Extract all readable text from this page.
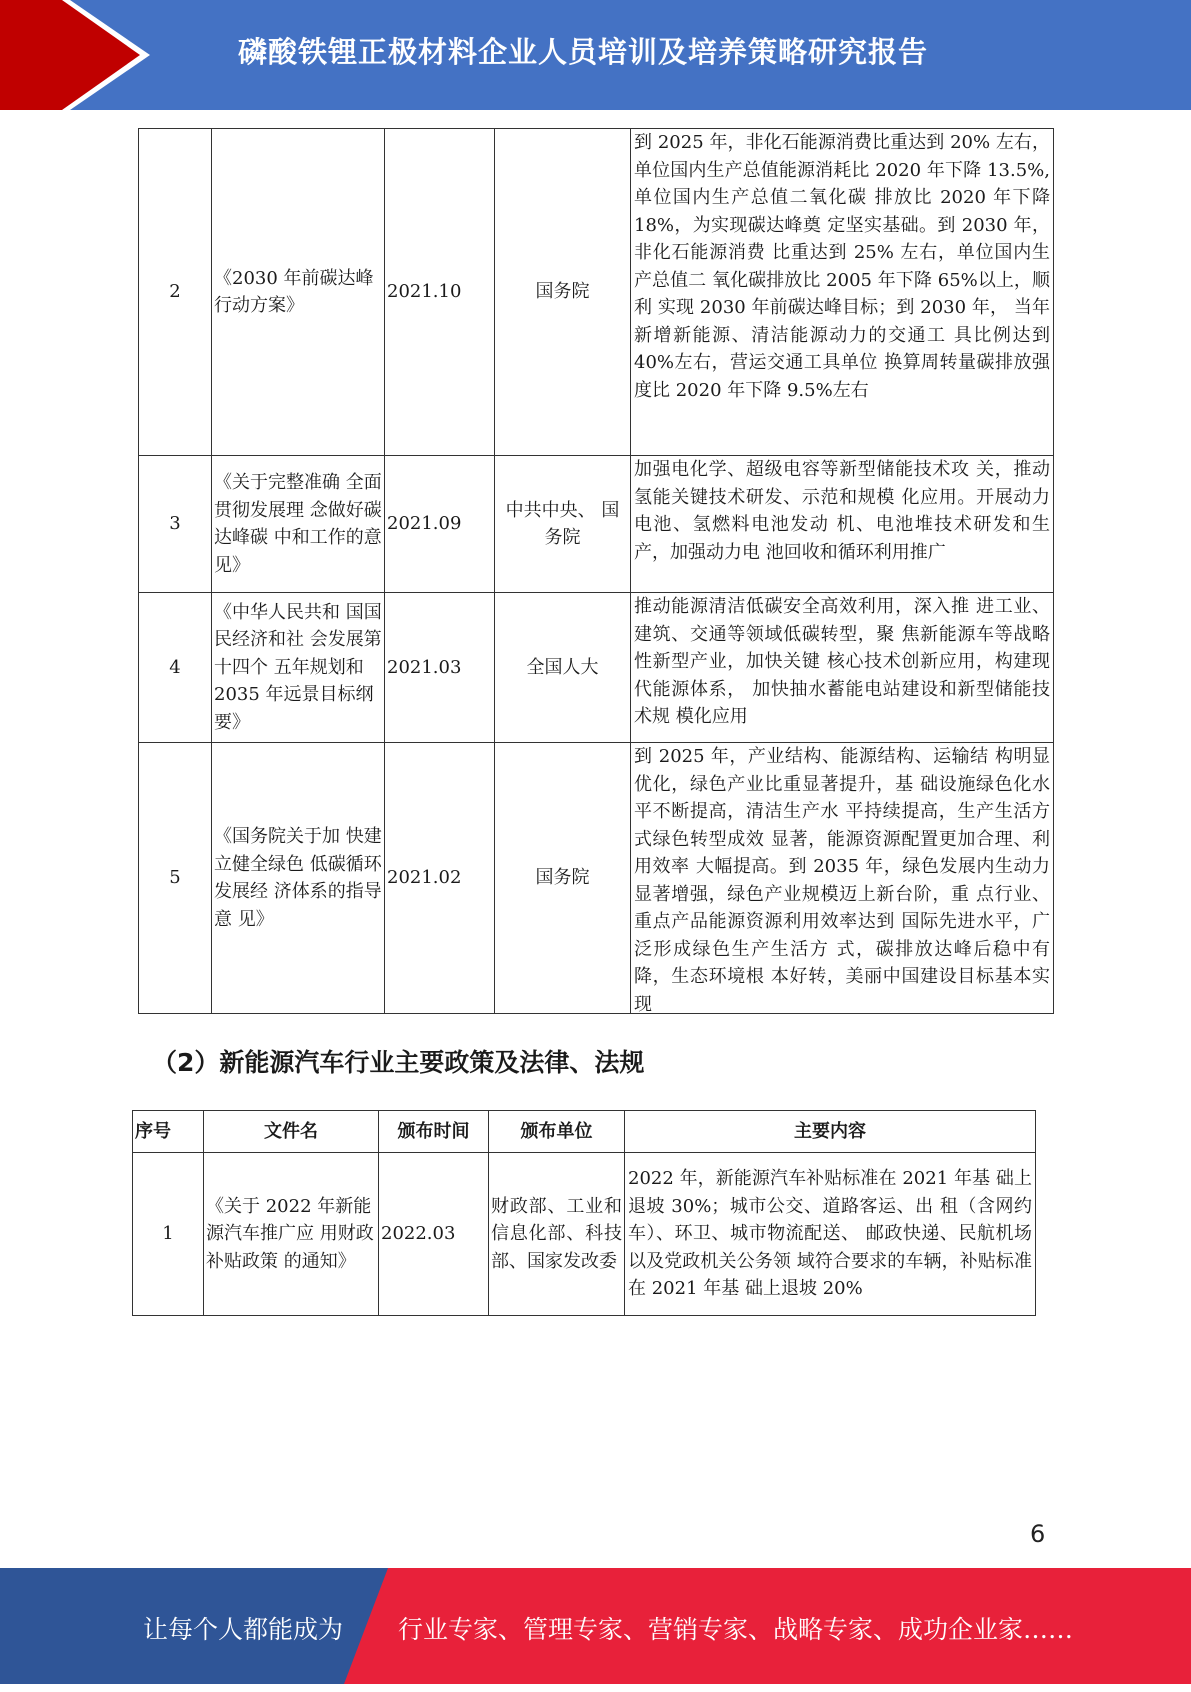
磷酸铁锂正极材料企业人员培训及培养策略研究报告
2	《2030 年前碳达峰行动方案》	2021.10	国务院	到 2025 年，非化石能源消费比重达到 20% 左右，单位国内生产总值能源消耗比 2020 年下降 13.5%,单位国内生产总值二氧化碳 排放比 2020 年下降 18%，为实现碳达峰奠 定坚实基础。到 2030 年，非化石能源消费 比重达到 25% 左右，单位国内生产总值二 氧化碳排放比 2005 年下降 65%以上，顺利 实现 2030 年前碳达峰目标；到 2030 年， 当年新增新能源、清洁能源动力的交通工 具比例达到 40%左右，营运交通工具单位 换算周转量碳排放强度比 2020 年下降 9.5%左右
3	《关于完整准确 全面贯彻发展理 念做好碳达峰碳 中和工作的意 见》	2021.09	中共中央、 国务院	加强电化学、超级电容等新型储能技术攻 关，推动氢能关键技术研发、示范和规模 化应用。开展动力电池、氢燃料电池发动 机、电池堆技术研发和生产，加强动力电 池回收和循环利用推广
4	《中华人民共和 国国民经济和社 会发展第十四个 五年规划和 2035 年远景目标纲 要》	2021.03	全国人大	推动能源清洁低碳安全高效利用，深入推 进工业、建筑、交通等领域低碳转型，聚 焦新能源车等战略性新型产业，加快关键 核心技术创新应用，构建现代能源体系， 加快抽水蓄能电站建设和新型储能技术规 模化应用
5	《国务院关于加 快建立健全绿色 低碳循环发展经 济体系的指导意 见》	2021.02	国务院	到 2025 年，产业结构、能源结构、运输结 构明显优化，绿色产业比重显著提升，基 础设施绿色化水平不断提高，清洁生产水 平持续提高，生产生活方式绿色转型成效 显著，能源资源配置更加合理、利用效率 大幅提高。到 2035 年，绿色发展内生动力 显著增强，绿色产业规模迈上新台阶，重 点行业、重点产品能源资源利用效率达到 国际先进水平，广泛形成绿色生产生活方 式，碳排放达峰后稳中有降，生态环境根 本好转，美丽中国建设目标基本实现
（2）新能源汽车行业主要政策及法律、法规
序号	文件名	颁布时间	颁布单位	主要内容
1	《关于 2022 年新能源汽车推广应 用财政补贴政策 的通知》	2022.03	财政部、工业和信息化部、科技部、国家发改委	2022 年，新能源汽车补贴标准在 2021 年基 础上退坡 30%；城市公交、道路客运、出 租（含网约车）、环卫、城市物流配送、 邮政快递、民航机场以及党政机关公务领 域符合要求的车辆，补贴标准在 2021 年基 础上退坡 20%
6
让每个人都能成为 行业专家、管理专家、营销专家、战略专家、成功企业家……
